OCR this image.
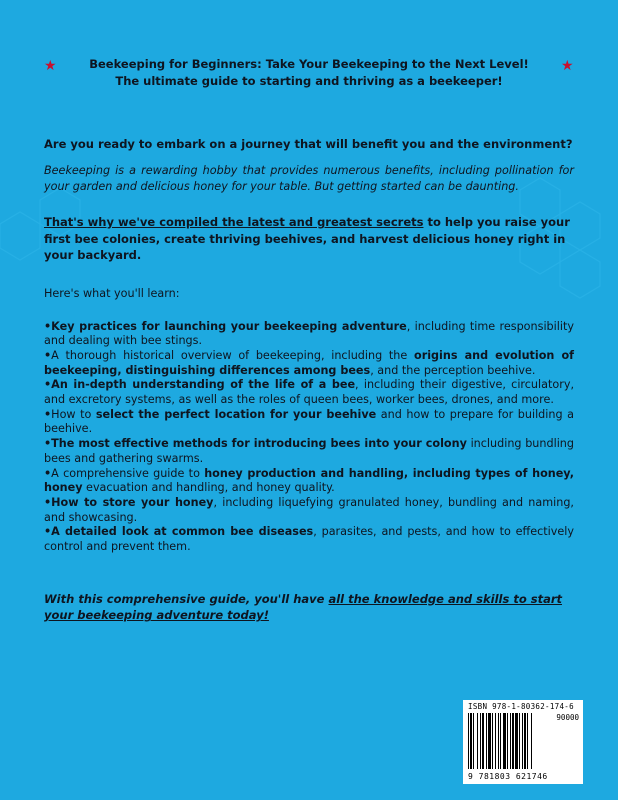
★	★

Beekeeping for Beginners: Take Your Beekeeping to the Next Level!
The ultimate guide to starting and thriving as a beekeeper!

Are you ready to embark on a journey that will benefit you and the environment?

Beekeeping is a rewarding hobby that provides numerous benefits, including pollination for your garden and delicious honey for your table. But getting started can be daunting.

That's why we've compiled the latest and greatest secrets to help you raise your first bee colonies, create thriving beehives, and harvest delicious honey right in your backyard.

Here's what you'll learn:

•Key practices for launching your beekeeping adventure, including time responsibility and dealing with bee stings.
•A thorough historical overview of beekeeping, including the origins and evolution of beekeeping, distinguishing differences among bees, and the perception beehive.
•An in-depth understanding of the life of a bee, including their digestive, circulatory, and excretory systems, as well as the roles of queen bees, worker bees, drones, and more.
•How to select the perfect location for your beehive and how to prepare for building a beehive.
•The most effective methods for introducing bees into your colony including bundling bees and gathering swarms.
•A comprehensive guide to honey production and handling, including types of honey, honey evacuation and handling, and honey quality.
•How to store your honey, including liquefying granulated honey, bundling and naming, and showcasing.
•A detailed look at common bee diseases, parasites, and pests, and how to effectively control and prevent them.

With this comprehensive guide, you'll have all the knowledge and skills to start your beekeeping adventure today!

ISBN 978-1-80362-174-6
90000
9 781803 621746
